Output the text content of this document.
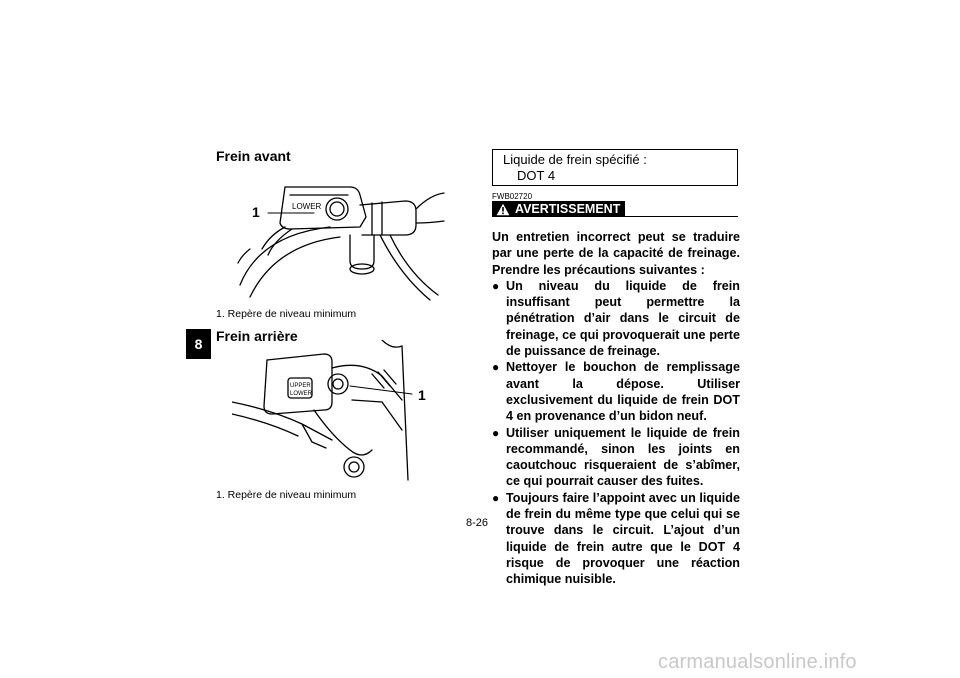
8
Frein avant
LOWER
1
1. Repère de niveau minimum
Frein arrière
UPPER
LOWER	1
1. Repère de niveau minimum
Liquide de frein spécifié :
DOT 4
FWB02720
AVERTISSEMENT

Un entretien incorrect peut se traduire par une perte de la capacité de freinage. Prendre les précautions suivantes :

● Un niveau du liquide de frein insuffisant peut permettre la pénétration d’air dans le circuit de freinage, ce qui provoquerait une perte de puissance de freinage.
● Nettoyer le bouchon de remplissage avant la dépose. Utiliser exclusivement du liquide de frein DOT 4 en provenance d’un bidon neuf.
● Utiliser uniquement le liquide de frein recommandé, sinon les joints en caoutchouc risqueraient de s’abîmer, ce qui pourrait causer des fuites.
● Toujours faire l’appoint avec un liquide de frein du même type que celui qui se trouve dans le circuit. L’ajout d’un liquide de frein autre que le DOT 4 risque de provoquer une réaction chimique nuisible.
8-26
carmanualsonline.info
